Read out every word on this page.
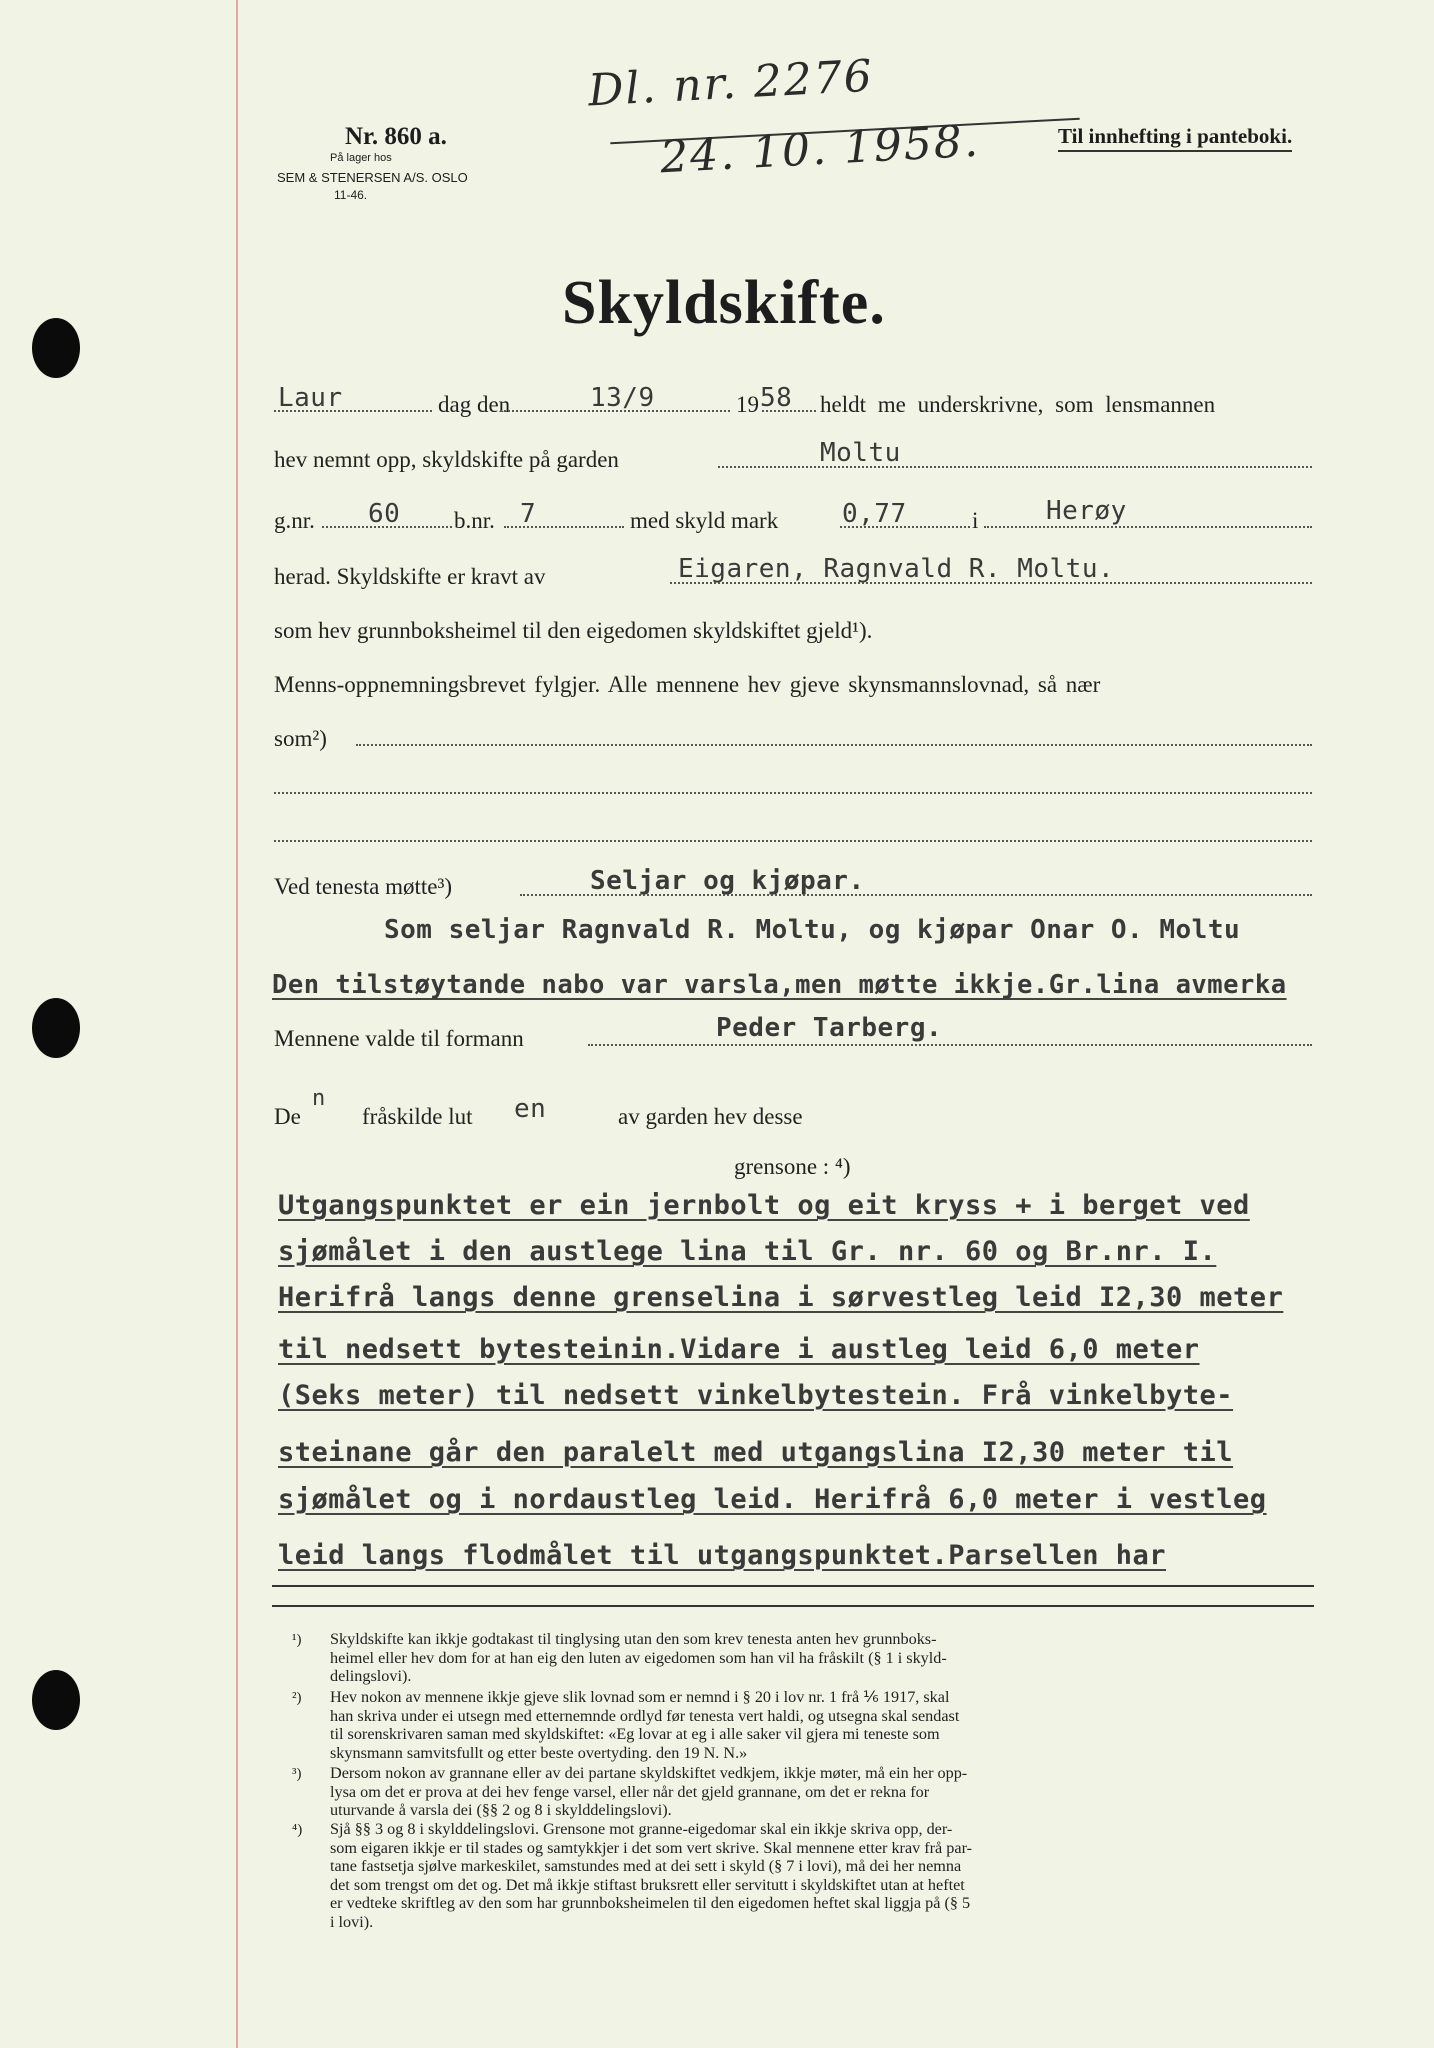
Nr. 860 a.
På lager hos
SEM & STENERSEN A/S. OSLO
11-46.
Dl. nr. 2276
24. 10. 1958.	Til innhefting i panteboki.
Skyldskifte.
Laur	dag den	13/9	19 58 heldt me underskrivne, som lensmannen
hev nemnt opp, skyldskifte på garden	Moltu
g.nr. 60 b.nr. 7	med skyld mark 0,77	i	Herøy
herad. Skyldskifte er kravt av	Eigaren, Ragnvald R. Moltu.
som hev grunnboksheimel til den eigedomen skyldskiftet gjeld¹).
Menns-oppnemningsbrevet fylgjer. Alle mennene hev gjeve skynsmannslovnad, så nær
som²)
Ved tenesta møtte³)	Seljar og kjøpar.
Som seljar Ragnvald R. Moltu, og kjøpar Onar O. Moltu
Den tilstøytande nabo var varsla,men møtte ikkje.Gr.lina avmerka
Mennene valde til formann	Peder Tarberg.
De
n
fråskilde lut en	av garden hev desse
grensone : ⁴)
Utgangspunktet er ein jernbolt og eit kryss + i berget ved
sjømålet i den austlege lina til Gr. nr. 60 og Br.nr. I.
Herifrå langs denne grenselina i sørvestleg leid I2,30 meter
til nedsett bytesteinin.Vidare i austleg leid 6,0 meter
(Seks meter) til nedsett vinkelbytestein. Frå vinkelbyte-
steinane går den paralelt med utgangslina I2,30 meter til
sjømålet og i nordaustleg leid. Herifrå 6,0 meter i vestleg
leid langs flodmålet til utgangspunktet.Parsellen har
¹) Skyldskifte kan ikkje godtakast til tinglysing utan den som krev tenesta anten hev grunnboks-
heimel eller hev dom for at han eig den luten av eigedomen som han vil ha fråskilt (§ 1 i skyld-
delingslovi).
²) Hev nokon av mennene ikkje gjeve slik lovnad som er nemnd i § 20 i lov nr. 1 frå ⅙ 1917, skal
han skriva under ei utsegn med etternemnde ordlyd før tenesta vert haldi, og utsegna skal sendast
til sorenskrivaren saman med skyldskiftet: «Eg lovar at eg i alle saker vil gjera mi teneste som
skynsmann samvitsfullt og etter beste overtyding. den 19 N. N.»
³) Dersom nokon av grannane eller av dei partane skyldskiftet vedkjem, ikkje møter, må ein her opp-
lysa om det er prova at dei hev fenge varsel, eller når det gjeld grannane, om det er rekna for
uturvande å varsla dei (§§ 2 og 8 i skylddelingslovi).
⁴) Sjå §§ 3 og 8 i skylddelingslovi. Grensone mot granne-eigedomar skal ein ikkje skriva opp, der-
som eigaren ikkje er til stades og samtykkjer i det som vert skrive. Skal mennene etter krav frå par-
tane fastsetja sjølve markeskilet, samstundes med at dei sett i skyld (§ 7 i lovi), må dei her nemna
det som trengst om det og. Det må ikkje stiftast bruksrett eller servitutt i skyldskiftet utan at heftet
er vedteke skriftleg av den som har grunnboksheimelen til den eigedomen heftet skal liggja på (§ 5
i lovi).
